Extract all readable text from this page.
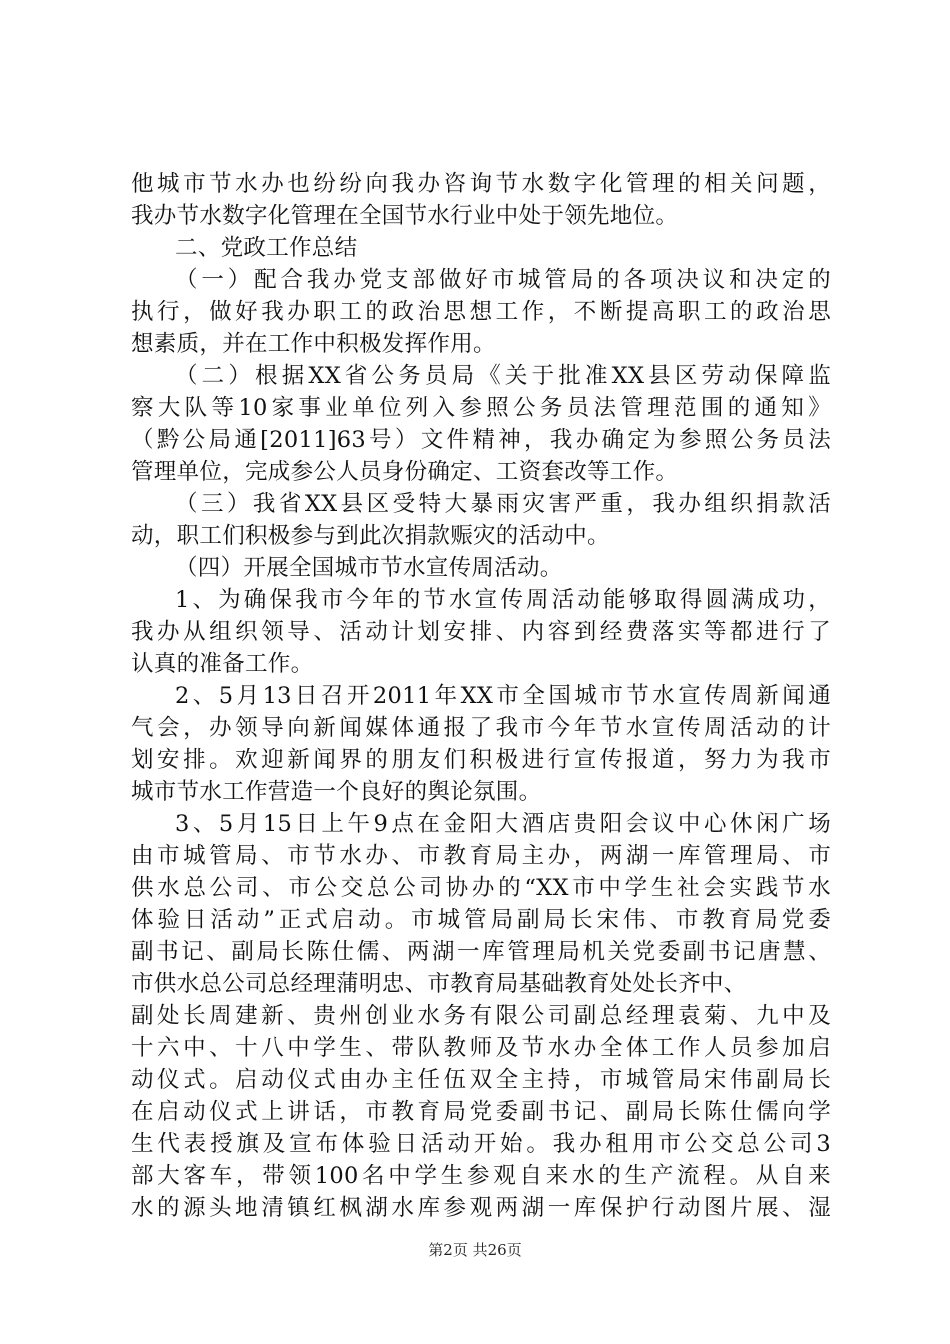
他城市节水办也纷纷向我办咨询节水数字化管理的相关问题，
我办节水数字化管理在全国节水行业中处于领先地位。
二、党政工作总结
（一）配合我办党支部做好市城管局的各项决议和决定的
执行，做好我办职工的政治思想工作，不断提高职工的政治思
想素质，并在工作中积极发挥作用。
（二）根据XX省公务员局《关于批准XX县区劳动保障监
察大队等10家事业单位列入参照公务员法管理范围的通知》
（黔公局通[2011]63号）文件精神，我办确定为参照公务员法
管理单位，完成参公人员身份确定、工资套改等工作。
（三）我省XX县区受特大暴雨灾害严重，我办组织捐款活
动，职工们积极参与到此次捐款赈灾的活动中。
（四）开展全国城市节水宣传周活动。
1、为确保我市今年的节水宣传周活动能够取得圆满成功，
我办从组织领导、活动计划安排、内容到经费落实等都进行了
认真的准备工作。
2、5月13日召开2011年XX市全国城市节水宣传周新闻通
气会，办领导向新闻媒体通报了我市今年节水宣传周活动的计
划安排。欢迎新闻界的朋友们积极进行宣传报道，努力为我市
城市节水工作营造一个良好的舆论氛围。
3、5月15日上午9点在金阳大酒店贵阳会议中心休闲广场
由市城管局、市节水办、市教育局主办，两湖一库管理局、市
供水总公司、市公交总公司协办的“XX市中学生社会实践节水
体验日活动”正式启动。市城管局副局长宋伟、市教育局党委
副书记、副局长陈仕儒、两湖一库管理局机关党委副书记唐慧、
市供水总公司总经理蒲明忠、市教育局基础教育处处长齐中、
副处长周建新、贵州创业水务有限公司副总经理袁菊、九中及
十六中、十八中学生、带队教师及节水办全体工作人员参加启
动仪式。启动仪式由办主任伍双全主持，市城管局宋伟副局长
在启动仪式上讲话，市教育局党委副书记、副局长陈仕儒向学
生代表授旗及宣布体验日活动开始。我办租用市公交总公司3
部大客车，带领100名中学生参观自来水的生产流程。从自来
水的源头地清镇红枫湖水库参观两湖一库保护行动图片展、湿
第2页 共26页
